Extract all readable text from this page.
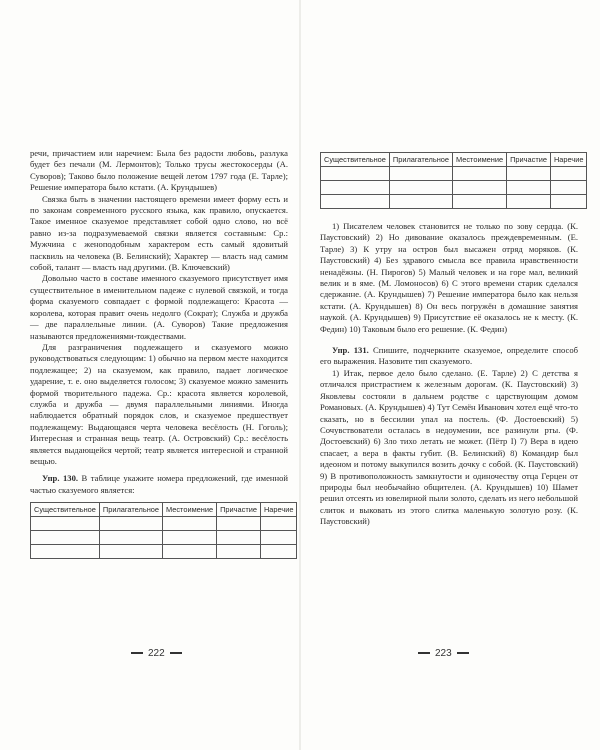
речи, причастием или наречием: Была без радости любовь, разлука будет без печали (М. Лермонтов); Только трусы жестокосерды (А. Суворов); Таково было положение вещей летом 1797 года (Е. Тарле); Решение императора было кстати. (А. Крундышев)

Связка быть в значении настоящего времени имеет форму есть и по законам современного русского языка, как правило, опускается. Такое именное сказуемое представляет собой одно слово, но всё равно из-за подразумеваемой связки является составным: Ср.: Мужчина с женоподобным характером есть самый ядовитый пасквиль на человека (В. Белинский); Характер — власть над самим собой, талант — власть над другими. (В. Ключевский)

Довольно часто в составе именного сказуемого присутствует имя существительное в именительном падеже с нулевой связкой, и тогда форма сказуемого совпадает с формой подлежащего: Красота — королева, которая правит очень недолго (Сократ); Служба и дружба — две параллельные линии. (А. Суворов) Такие предложения называются предложениями-тождествами.

Для разграничения подлежащего и сказуемого можно руководствоваться следующим: 1) обычно на первом месте находится подлежащее; 2) на сказуемом, как правило, падает логическое ударение, т. е. оно выделяется голосом; 3) сказуемое можно заменить формой творительного падежа. Ср.: красота является королевой, служба и дружба — двумя параллельными линиями. Иногда наблюдается обратный порядок слов, и сказуемое предшествует подлежащему: Выдающаяся черта человека весёлость (Н. Гоголь); Интересная и странная вещь театр. (А. Островский) Ср.: весёлость является выдающейся чертой; театр является интересной и странной вещью.

Упр. 130. В таблице укажите номера предложений, где именной частью сказуемого является:

Существительное	Прилагательное	Местоимение	Причастие	Наречие

222
Существительное	Прилагательное	Местоимение	Причастие	Наречие

1) Писателем человек становится не только по зову сердца. (К. Паустовский) 2) Но дивование оказалось преждевременным. (Е. Тарле) 3) К утру на остров был высажен отряд моряков. (К. Паустовский) 4) Без здравого смысла все правила нравственности ненадёжны. (Н. Пирогов) 5) Малый человек и на горе мал, великий велик и в яме. (М. Ломоносов) 6) С этого времени старик сделался сдержанне. (А. Крундышев) 7) Решение императора было как нельзя кстати. (А. Крундышев) 8) Он весь погружён в домашние занятия наукой. (А. Крундышев) 9) Присутствие её оказалось не к месту. (К. Федин) 10) Таковым было его решение. (К. Федин)

Упр. 131. Спишите, подчеркните сказуемое, определите способ его выражения. Назовите тип сказуемого.

1) Итак, первое дело было сделано. (Е. Тарле) 2) С детства я отличался пристрастием к железным дорогам. (К. Паустовский) 3) Яковлевы состояли в дальнем родстве с царствующим домом Романовых. (А. Крундышев) 4) Тут Семён Иванович хотел ещё что-то сказать, но в бессилии упал на постель. (Ф. Достоевский) 5) Сочувствователи осталась в недоумении, все разинули рты. (Ф. Достоевский) 6) Зло тихо летать не может. (Пётр I) 7) Вера в идею спасает, а вера в факты губит. (В. Белинский) 8) Командир был идеоном и потому выкупился возить дочку с собой. (К. Паустовский) 9) В противоположность замкнутости и одиночеству отца Герцен от природы был необычайно общителен. (А. Крундышев) 10) Шамет решил отсеять из ювелирной пыли золото, сделать из него небольшой слиток и выковать из этого слитка маленькую золотую розу. (К. Паустовский)

223
